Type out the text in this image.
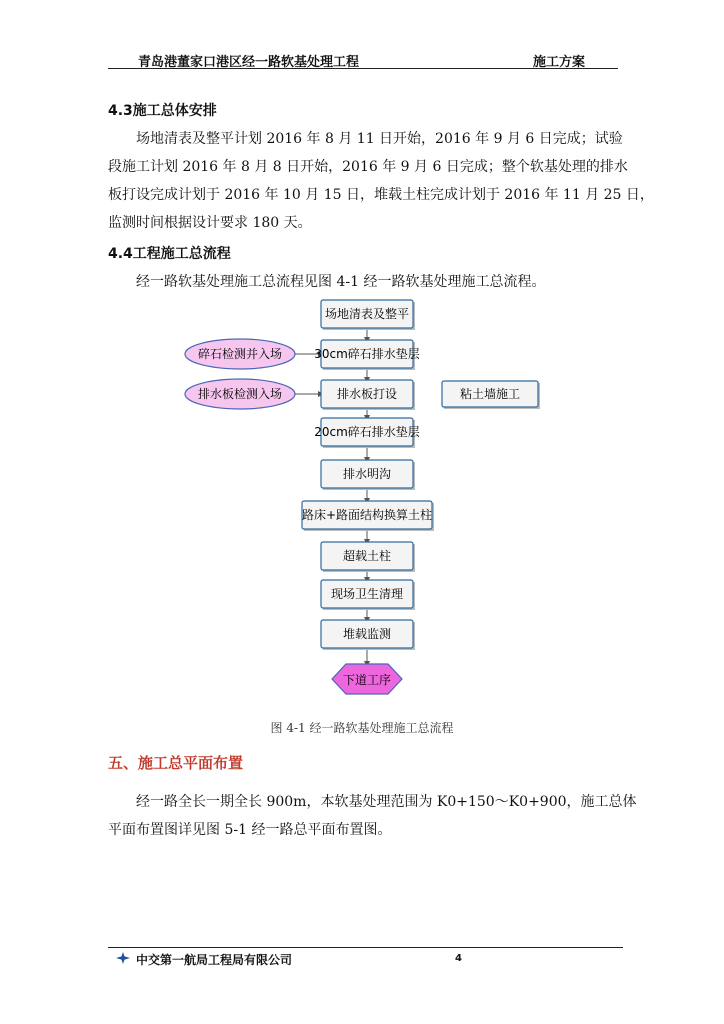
青岛港董家口港区经一路软基处理工程	施工方案
4.3施工总体安排
场地清表及整平计划 2016 年 8 月 11 日开始，2016 年 9 月 6 日完成；试验
段施工计划 2016 年 8 月 8 日开始，2016 年 9 月 6 日完成；整个软基处理的排水
板打设完成计划于 2016 年 10 月 15 日，堆载土柱完成计划于 2016 年 11 月 25 日，
监测时间根据设计要求 180 天。
4.4工程施工总流程
经一路软基处理施工总流程见图 4-1 经一路软基处理施工总流程。
场地清表及整平
30cm碎石排水垫层
排水板打设
20cm碎石排水垫层
排水明沟
路床+路面结构换算土柱
超载土柱
现场卫生清理
堆载监测
下道工序
碎石检测并入场
排水板检测入场	粘土墙施工
图 4-1 经一路软基处理施工总流程
五、施工总平面布置
经一路全长一期全长 900m，本软基处理范围为 K0+150～K0+900，施工总体
平面布置图详见图 5-1 经一路总平面布置图。
中交第一航局工程局有限公司	4
